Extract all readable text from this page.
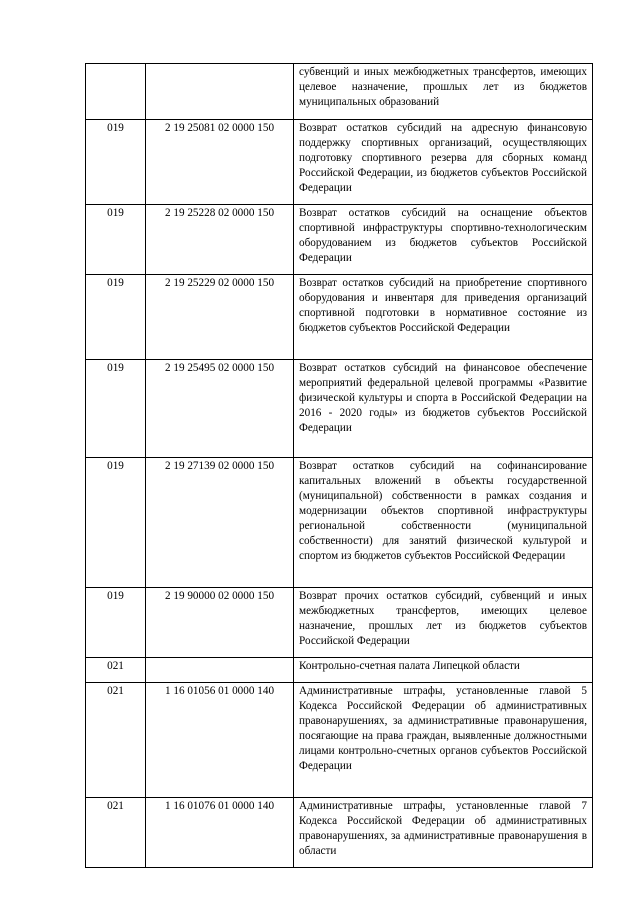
		субвенций и иных межбюджетных трансфертов, имеющих целевое назначение, прошлых лет из бюджетов муниципальных образований
019	2 19 25081 02 0000 150	Возврат остатков субсидий на адресную финансовую поддержку спортивных организаций, осуществляющих подготовку спортивного резерва для сборных команд Российской Федерации, из бюджетов субъектов Российской Федерации
019	2 19 25228 02 0000 150	Возврат остатков субсидий на оснащение объектов спортивной инфраструктуры спортивно-технологическим оборудованием из бюджетов субъектов Российской Федерации
019	2 19 25229 02 0000 150	Возврат остатков субсидий на приобретение спортивного оборудования и инвентаря для приведения организаций спортивной подготовки в нормативное состояние из бюджетов субъектов Российской Федерации
019	2 19 25495 02 0000 150	Возврат остатков субсидий на финансовое обеспечение мероприятий федеральной целевой программы «Развитие физической культуры и спорта в Российской Федерации на 2016 - 2020 годы» из бюджетов субъектов Российской Федерации
019	2 19 27139 02 0000 150	Возврат остатков субсидий на софинансирование капитальных вложений в объекты государственной (муниципальной) собственности в рамках создания и модернизации объектов спортивной инфраструктуры региональной собственности (муниципальной собственности) для занятий физической культурой и спортом из бюджетов субъектов Российской Федерации
019	2 19 90000 02 0000 150	Возврат прочих остатков субсидий, субвенций и иных межбюджетных трансфертов, имеющих целевое назначение, прошлых лет из бюджетов субъектов Российской Федерации
021		Контрольно-счетная палата Липецкой области
021	1 16 01056 01 0000 140	Административные штрафы, установленные главой 5 Кодекса Российской Федерации об административных правонарушениях, за административные правонарушения, посягающие на права граждан, выявленные должностными лицами контрольно-счетных органов субъектов Российской Федерации
021	1 16 01076 01 0000 140	Административные штрафы, установленные главой 7 Кодекса Российской Федерации об административных правонарушениях, за административные правонарушения в области
